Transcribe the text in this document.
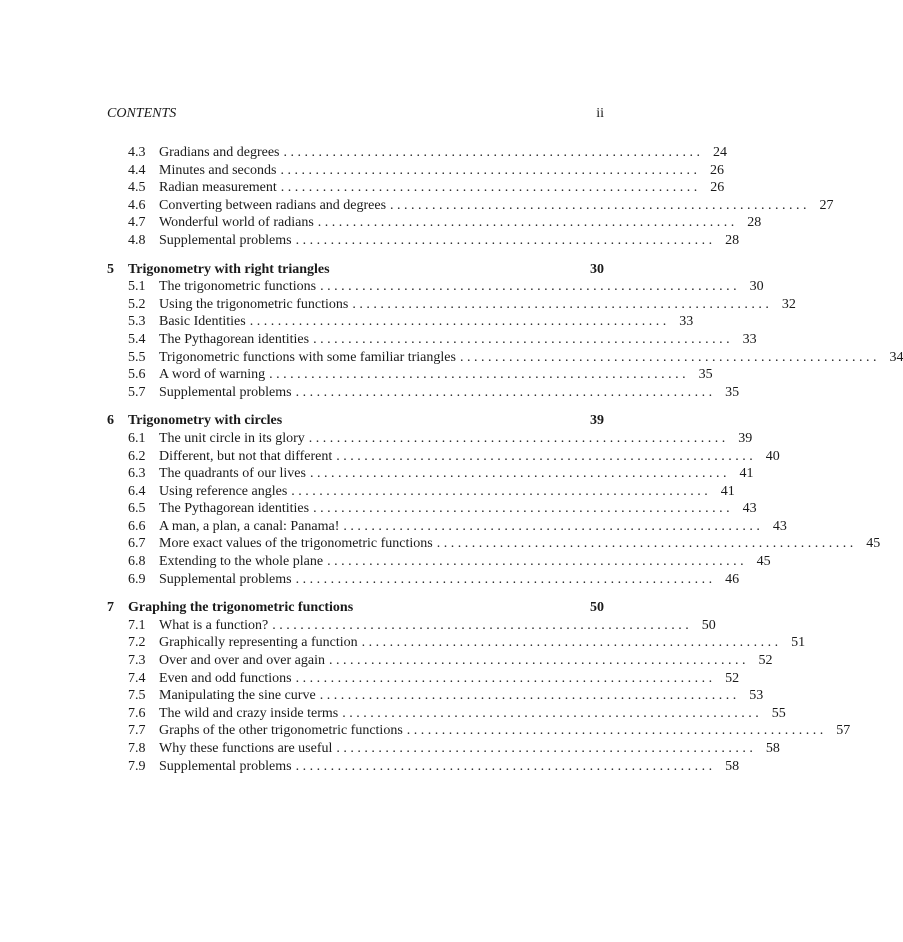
CONTENTS	ii
4.3 Gradians and degrees . . . . . . . . . . . . . . . . . . . . . . . . . . . . . . . . . . . . . . . . . . . . . . . . . . . . . . . . . . . . 24
4.4 Minutes and seconds . . . . . . . . . . . . . . . . . . . . . . . . . . . . . . . . . . . . . . . . . . . . . . . . . . . . . . . . . . . . 26
4.5 Radian measurement . . . . . . . . . . . . . . . . . . . . . . . . . . . . . . . . . . . . . . . . . . . . . . . . . . . . . . . . . . . . 26
4.6 Converting between radians and degrees . . . . . . . . . . . . . . . . . . . . . . . . . . . . . . . . . . . . . . . . . . . . . . . . . . . . . . . . . . . . 27
4.7 Wonderful world of radians . . . . . . . . . . . . . . . . . . . . . . . . . . . . . . . . . . . . . . . . . . . . . . . . . . . . . . . . . . . . 28
4.8 Supplemental problems . . . . . . . . . . . . . . . . . . . . . . . . . . . . . . . . . . . . . . . . . . . . . . . . . . . . . . . . . . . . 28
5 Trigonometry with right triangles	30
5.1 The trigonometric functions . . . . . . . . . . . . . . . . . . . . . . . . . . . . . . . . . . . . . . . . . . . . . . . . . . . . . . . . . . . . 30
5.2 Using the trigonometric functions . . . . . . . . . . . . . . . . . . . . . . . . . . . . . . . . . . . . . . . . . . . . . . . . . . . . . . . . . . . . 32
5.3 Basic Identities . . . . . . . . . . . . . . . . . . . . . . . . . . . . . . . . . . . . . . . . . . . . . . . . . . . . . . . . . . . . 33
5.4 The Pythagorean identities . . . . . . . . . . . . . . . . . . . . . . . . . . . . . . . . . . . . . . . . . . . . . . . . . . . . . . . . . . . . 33
5.5 Trigonometric functions with some familiar triangles . . . . . . . . . . . . . . . . . . . . . . . . . . . . . . . . . . . . . . . . . . . . . . . . . . . . . . . . . . . . 34
5.6 A word of warning . . . . . . . . . . . . . . . . . . . . . . . . . . . . . . . . . . . . . . . . . . . . . . . . . . . . . . . . . . . . 35
5.7 Supplemental problems . . . . . . . . . . . . . . . . . . . . . . . . . . . . . . . . . . . . . . . . . . . . . . . . . . . . . . . . . . . . 35
6 Trigonometry with circles	39
6.1 The unit circle in its glory . . . . . . . . . . . . . . . . . . . . . . . . . . . . . . . . . . . . . . . . . . . . . . . . . . . . . . . . . . . . 39
6.2 Different, but not that different . . . . . . . . . . . . . . . . . . . . . . . . . . . . . . . . . . . . . . . . . . . . . . . . . . . . . . . . . . . . 40
6.3 The quadrants of our lives . . . . . . . . . . . . . . . . . . . . . . . . . . . . . . . . . . . . . . . . . . . . . . . . . . . . . . . . . . . . 41
6.4 Using reference angles . . . . . . . . . . . . . . . . . . . . . . . . . . . . . . . . . . . . . . . . . . . . . . . . . . . . . . . . . . . . 41
6.5 The Pythagorean identities . . . . . . . . . . . . . . . . . . . . . . . . . . . . . . . . . . . . . . . . . . . . . . . . . . . . . . . . . . . . 43
6.6 A man, a plan, a canal: Panama! . . . . . . . . . . . . . . . . . . . . . . . . . . . . . . . . . . . . . . . . . . . . . . . . . . . . . . . . . . . . 43
6.7 More exact values of the trigonometric functions . . . . . . . . . . . . . . . . . . . . . . . . . . . . . . . . . . . . . . . . . . . . . . . . . . . . . . . . . . . . 45
6.8 Extending to the whole plane . . . . . . . . . . . . . . . . . . . . . . . . . . . . . . . . . . . . . . . . . . . . . . . . . . . . . . . . . . . . 45
6.9 Supplemental problems . . . . . . . . . . . . . . . . . . . . . . . . . . . . . . . . . . . . . . . . . . . . . . . . . . . . . . . . . . . . 46
7 Graphing the trigonometric functions	50
7.1 What is a function? . . . . . . . . . . . . . . . . . . . . . . . . . . . . . . . . . . . . . . . . . . . . . . . . . . . . . . . . . . . . 50
7.2 Graphically representing a function . . . . . . . . . . . . . . . . . . . . . . . . . . . . . . . . . . . . . . . . . . . . . . . . . . . . . . . . . . . . 51
7.3 Over and over and over again . . . . . . . . . . . . . . . . . . . . . . . . . . . . . . . . . . . . . . . . . . . . . . . . . . . . . . . . . . . . 52
7.4 Even and odd functions . . . . . . . . . . . . . . . . . . . . . . . . . . . . . . . . . . . . . . . . . . . . . . . . . . . . . . . . . . . . 52
7.5 Manipulating the sine curve . . . . . . . . . . . . . . . . . . . . . . . . . . . . . . . . . . . . . . . . . . . . . . . . . . . . . . . . . . . . 53
7.6 The wild and crazy inside terms . . . . . . . . . . . . . . . . . . . . . . . . . . . . . . . . . . . . . . . . . . . . . . . . . . . . . . . . . . . . 55
7.7 Graphs of the other trigonometric functions . . . . . . . . . . . . . . . . . . . . . . . . . . . . . . . . . . . . . . . . . . . . . . . . . . . . . . . . . . . . 57
7.8 Why these functions are useful . . . . . . . . . . . . . . . . . . . . . . . . . . . . . . . . . . . . . . . . . . . . . . . . . . . . . . . . . . . . 58
7.9 Supplemental problems . . . . . . . . . . . . . . . . . . . . . . . . . . . . . . . . . . . . . . . . . . . . . . . . . . . . . . . . . . . . 58
